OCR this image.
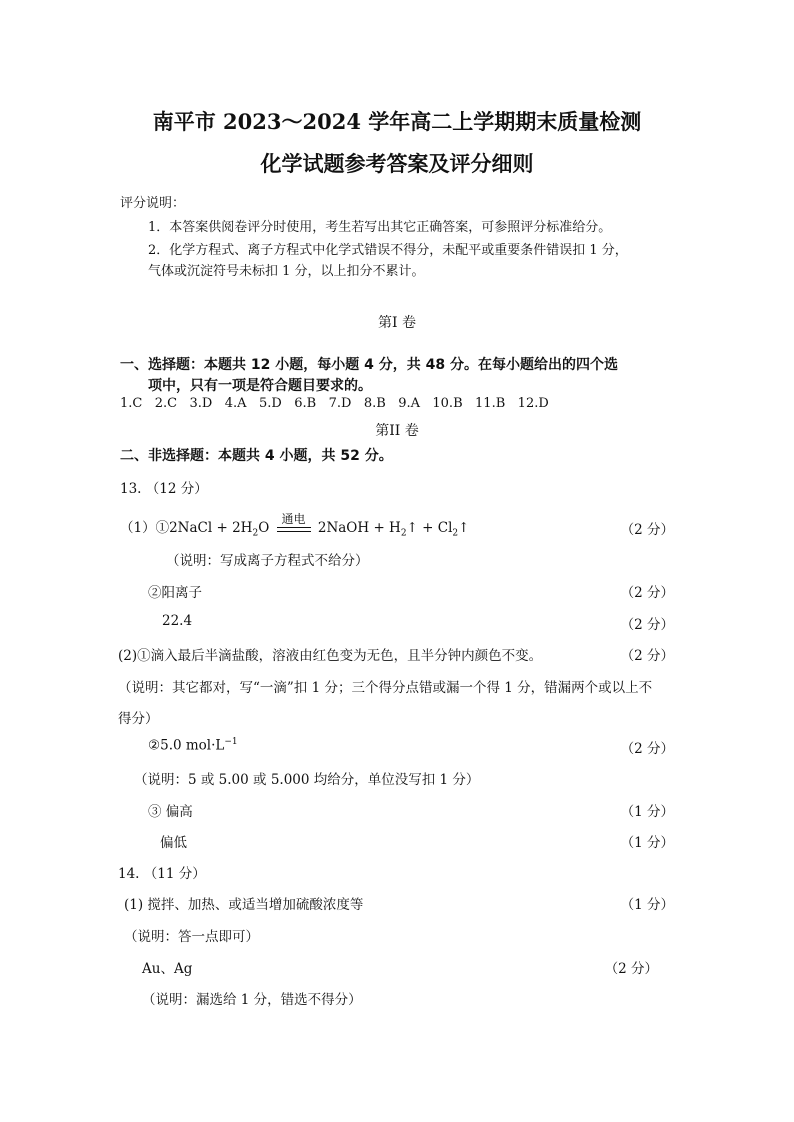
南平市 2023～2024 学年高二上学期期末质量检测
化学试题参考答案及评分细则
评分说明：
1．本答案供阅卷评分时使用，考生若写出其它正确答案，可参照评分标准给分。
2．化学方程式、离子方程式中化学式错误不得分，未配平或重要条件错误扣 1 分，
气体或沉淀符号未标扣 1 分，以上扣分不累计。
第I 卷
一、选择题：本题共 12 小题，每小题 4 分，共 48 分。在每小题给出的四个选
项中，只有一项是符合题目要求的。
1.C 2.C 3.D 4.A 5.D 6.B 7.D 8.B 9.A 10.B 11.B 12.D
第II 卷
二、非选择题：本题共 4 小题，共 52 分。
13. （12 分）
（1）①2NaCl + $2H_2O$
通电
2NaOH + $H_2↑$ + $Cl_2↑$	（2 分）
（说明：写成离子方程式不给分）
②阳离子	（2 分）
22.4	（2 分）
(2)①滴入最后半滴盐酸，溶液由红色变为无色，且半分钟内颜色不变。	（2 分）
（说明：其它都对，写“一滴”扣 1 分；三个得分点错或漏一个得 1 分，错漏两个或以上不
得分）
②5.0 $mol\cdot L^{-1}$	（2 分）
（说明：5 或 5.00 或 5.000 均给分，单位没写扣 1 分）
③ 偏高	（1 分）
偏低	（1 分）
14. （11 分）
(1) 搅拌、加热、或适当增加硫酸浓度等	（1 分）
（说明：答一点即可）
Au、Ag	（2 分）
（说明：漏选给 1 分，错选不得分）
